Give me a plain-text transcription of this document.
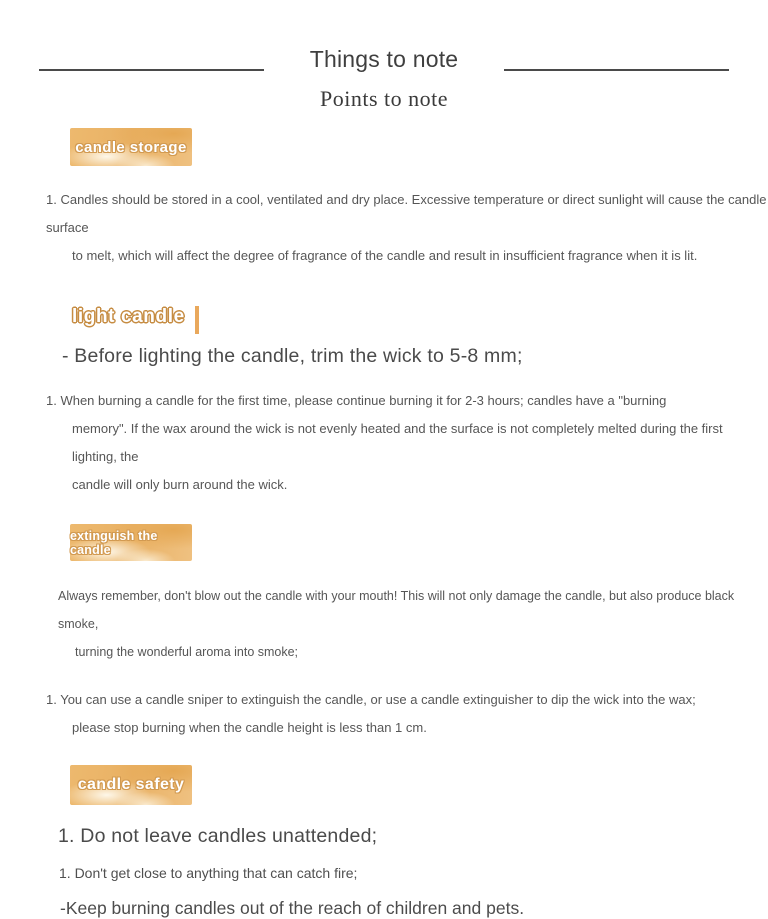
Things to note
Points to note
candle storage
1. Candles should be stored in a cool, ventilated and dry place. Excessive temperature or direct sunlight will cause the candle surface
to melt, which will affect the degree of fragrance of the candle and result in insufficient fragrance when it is lit.
light candle
- Before lighting the candle, trim the wick to 5-8 mm;
1. When burning a candle for the first time, please continue burning it for 2-3 hours; candles have a "burning
memory". If the wax around the wick is not evenly heated and the surface is not completely melted during the first lighting, the
candle will only burn around the wick.
extinguish the candle
Always remember, don't blow out the candle with your mouth! This will not only damage the candle, but also produce black smoke,
turning the wonderful aroma into smoke;
1. You can use a candle sniper to extinguish the candle, or use a candle extinguisher to dip the wick into the wax;
please stop burning when the candle height is less than 1 cm.
candle safety
1. Do not leave candles unattended;
1. Don't get close to anything that can catch fire;
-Keep burning candles out of the reach of children and pets.
